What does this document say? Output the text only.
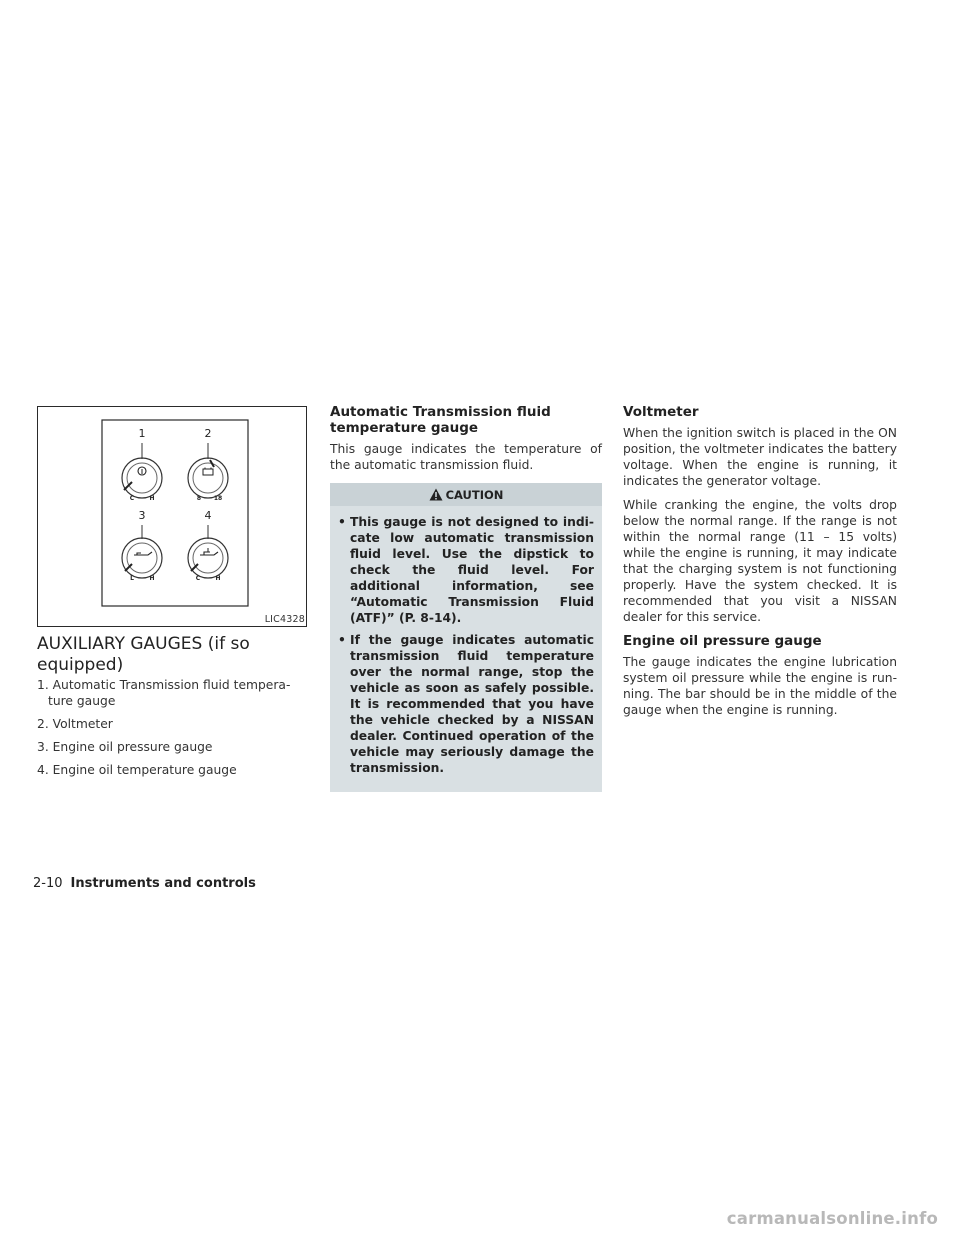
1
C	H
2
8 18
3
L	H
4
C	H
LIC4328
AUXILIARY GAUGES (if so equipped)
1. Automatic Transmission fluid tempera ture gauge
2. Voltmeter
3. Engine oil pressure gauge
4. Engine oil temperature gauge
Automatic Transmission fluid temperature gauge

This gauge indicates the temperature of the automatic transmission fluid.

CAUTION
• This gauge is not designed to indicate low automatic transmission fluid level. Use the dipstick to check the fluid level. For additional information, see “Automatic Transmission Fluid (ATF)” (P. 8-14).
• If the gauge indicates automatic transmission fluid temperature over the normal range, stop the vehicle as soon as safely possible. It is recommended that you have the vehicle checked by a NISSAN dealer. Continued operation of the vehicle may seriously damage the transmission.
Voltmeter

When the ignition switch is placed in the ON position, the voltmeter indicates the battery voltage. When the engine is running, it indicates the generator voltage.

While cranking the engine, the volts drop below the normal range. If the range is not within the normal range (11 – 15 volts) while the engine is running, it may indicate that the charging system is not functioning properly. Have the system checked. It is recommended that you visit a NISSAN dealer for this service.

Engine oil pressure gauge

The gauge indicates the engine lubrication system oil pressure while the engine is running. The bar should be in the middle of the gauge when the engine is running.

2-10 Instruments and controls
carmanualsonline.info
